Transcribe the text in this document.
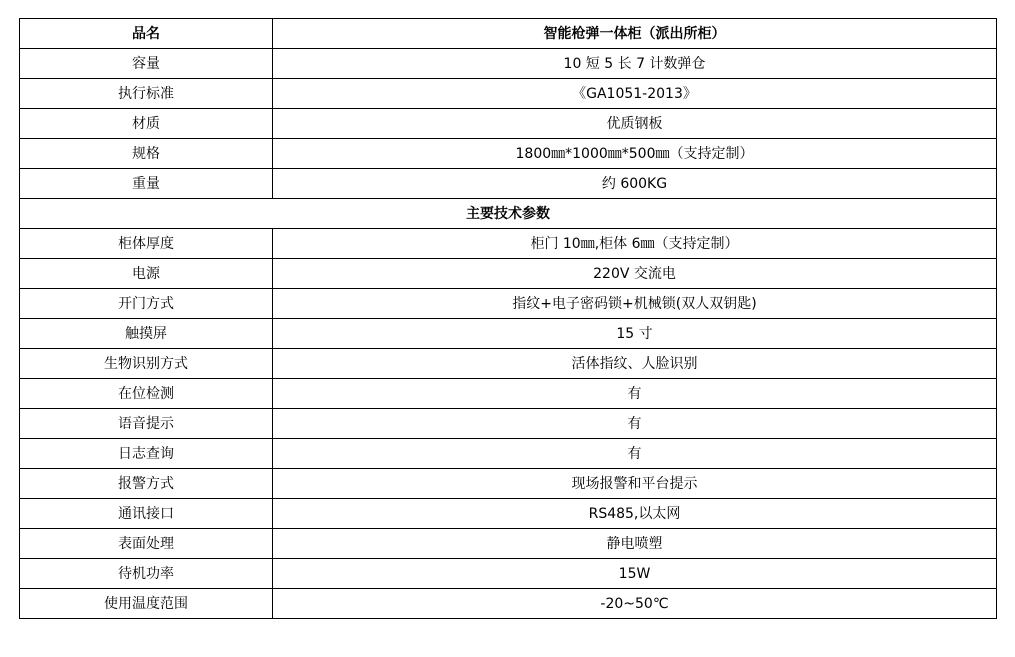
品名	智能枪弹一体柜（派出所柜）
容量	10 短 5 长 7 计数弹仓
执行标准	《GA1051-2013》
材质	优质钢板
规格	1800㎜*1000㎜*500㎜（支持定制）
重量	约 600KG
主要技术参数	
柜体厚度	柜门 10㎜,柜体 6㎜（支持定制）
电源	220V 交流电
开门方式	指纹+电子密码锁+机械锁(双人双钥匙)
触摸屏	15 寸
生物识别方式	活体指纹、人脸识别
在位检测	有
语音提示	有
日志查询	有
报警方式	现场报警和平台提示
通讯接口	RS485,以太网
表面处理	静电喷塑
待机功率	15W
使用温度范围	-20~50℃
